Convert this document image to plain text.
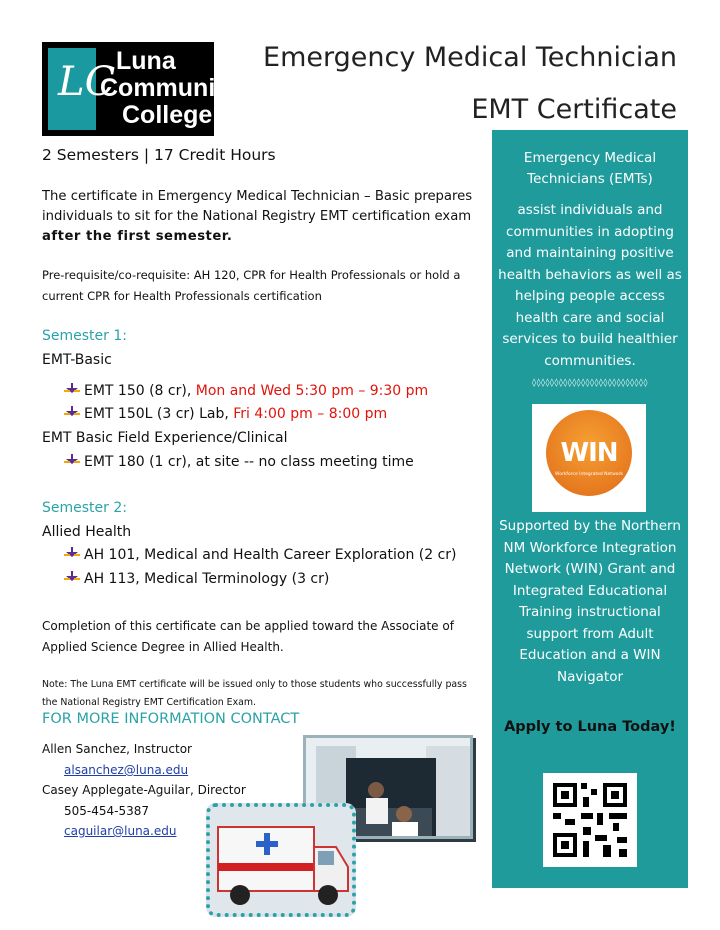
LC Luna
Community
College
Emergency Medical Technician
EMT Certificate
2 Semesters | 17 Credit Hours

The certificate in Emergency Medical Technician – Basic prepares individuals to sit for the National Registry EMT certification exam after the first semester.

Pre-requisite/co-requisite: AH 120, CPR for Health Professionals or hold a current CPR for Health Professionals certification

Semester 1:
EMT-Basic
EMT 150 (8 cr), Mon and Wed 5:30 pm – 9:30 pm
EMT 150L (3 cr) Lab, Fri 4:00 pm – 8:00 pm
EMT Basic Field Experience/Clinical
EMT 180 (1 cr), at site -- no class meeting time
Semester 2:
Allied Health
AH 101, Medical and Health Career Exploration (2 cr)
AH 113, Medical Terminology (3 cr)

Completion of this certificate can be applied toward the Associate of Applied Science Degree in Allied Health.

Note: The Luna EMT certificate will be issued only to those students who successfully pass the National Registry EMT Certification Exam.

FOR MORE INFORMATION CONTACT
Allen Sanchez, Instructor
alsanchez@luna.edu
Casey Applegate-Aguilar, Director
505-454-5387
caguilar@luna.edu

Emergency Medical Technicians (EMTs)

assist individuals and communities in adopting and maintaining positive health behaviors as well as helping people access health care and social services to build healthier communities.

◊◊◊◊◊◊◊◊◊◊◊◊◊◊◊◊◊◊◊◊◊◊◊◊◊◊
WIN
Workforce Integrated Network

Supported by the Northern NM Workforce Integration Network (WIN) Grant and Integrated Educational Training instructional support from Adult Education and a WIN Navigator

Apply to Luna Today!
